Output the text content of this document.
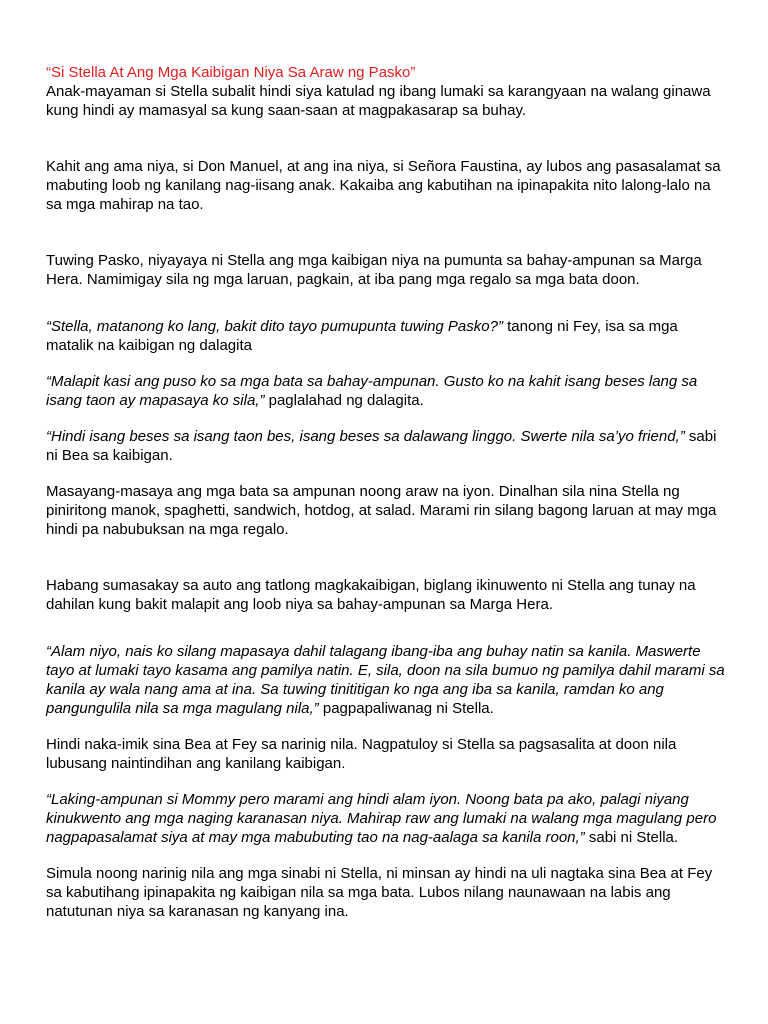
“Si Stella At Ang Mga Kaibigan Niya Sa Araw ng Pasko”

Anak-mayaman si Stella subalit hindi siya katulad ng ibang lumaki sa karangyaan na walang ginawa kung hindi ay mamasyal sa kung saan-saan at magpakasarap sa buhay.

Kahit ang ama niya, si Don Manuel, at ang ina niya, si Señora Faustina, ay lubos ang pasasalamat sa mabuting loob ng kanilang nag-iisang anak. Kakaiba ang kabutihan na ipinapakita nito lalong-lalo na sa mga mahirap na tao.

Tuwing Pasko, niyayaya ni Stella ang mga kaibigan niya na pumunta sa bahay-ampunan sa Marga Hera. Namimigay sila ng mga laruan, pagkain, at iba pang mga regalo sa mga bata doon.

“Stella, matanong ko lang, bakit dito tayo pumupunta tuwing Pasko?” tanong ni Fey, isa sa mga matalik na kaibigan ng dalagita

“Malapit kasi ang puso ko sa mga bata sa bahay-ampunan. Gusto ko na kahit isang beses lang sa isang taon ay mapasaya ko sila,” paglalahad ng dalagita.

“Hindi isang beses sa isang taon bes, isang beses sa dalawang linggo. Swerte nila sa’yo friend,” sabi ni Bea sa kaibigan.

Masayang-masaya ang mga bata sa ampunan noong araw na iyon. Dinalhan sila nina Stella ng piniritong manok, spaghetti, sandwich, hotdog, at salad. Marami rin silang bagong laruan at may mga hindi pa nabubuksan na mga regalo.

Habang sumasakay sa auto ang tatlong magkakaibigan, biglang ikinuwento ni Stella ang tunay na dahilan kung bakit malapit ang loob niya sa bahay-ampunan sa Marga Hera.

“Alam niyo, nais ko silang mapasaya dahil talagang ibang-iba ang buhay natin sa kanila. Maswerte tayo at lumaki tayo kasama ang pamilya natin. E, sila, doon na sila bumuo ng pamilya dahil marami sa kanila ay wala nang ama at ina. Sa tuwing tinititigan ko nga ang iba sa kanila, ramdan ko ang pangungulila nila sa mga magulang nila,” pagpapaliwanag ni Stella.

Hindi naka-imik sina Bea at Fey sa narinig nila. Nagpatuloy si Stella sa pagsasalita at doon nila lubusang naintindihan ang kanilang kaibigan.

“Laking-ampunan si Mommy pero marami ang hindi alam iyon. Noong bata pa ako, palagi niyang kinukwento ang mga naging karanasan niya. Mahirap raw ang lumaki na walang mga magulang pero nagpapasalamat siya at may mga mabubuting tao na nag-aalaga sa kanila roon,” sabi ni Stella.

Simula noong narinig nila ang mga sinabi ni Stella, ni minsan ay hindi na uli nagtaka sina Bea at Fey sa kabutihang ipinapakita ng kaibigan nila sa mga bata. Lubos nilang naunawaan na labis ang natutunan niya sa karanasan ng kanyang ina.
